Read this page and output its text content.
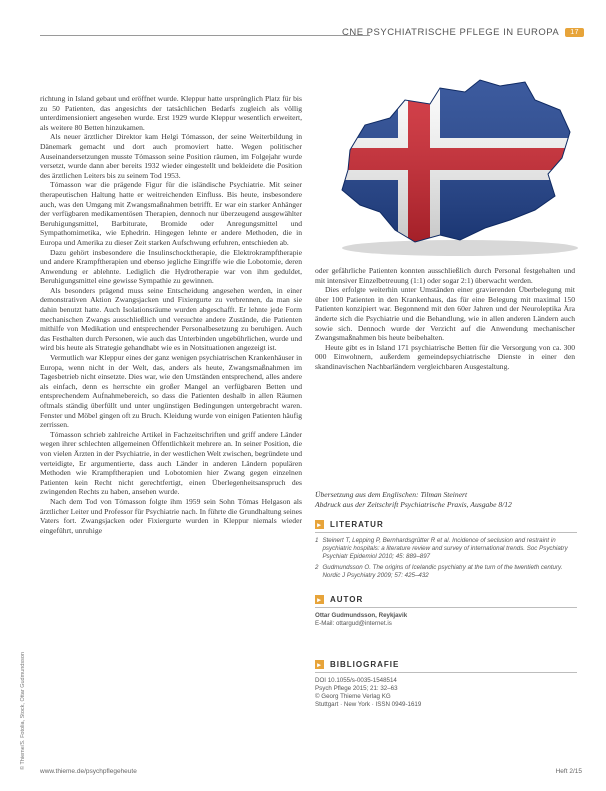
CNE PSYCHIATRISCHE PFLEGE IN EUROPA	17

richtung in Island gebaut und eröffnet wurde. Kleppur hatte ursprünglich Platz für bis zu 50 Patienten, das angesichts der tatsächlichen Bedarfs zugleich als völlig unterdimensioniert angesehen wurde. Erst 1929 wurde Kleppur wesentlich erweitert, als weitere 80 Betten hinzukamen.

Als neuer ärztlicher Direktor kam Helgi Tómasson, der seine Weiterbildung in Dänemark gemacht und dort auch promoviert hatte. Wegen politischer Auseinandersetzungen musste Tómasson seine Position räumen, im Folgejahr wurde versetzt, wurde dann aber bereits 1932 wieder eingestellt und bekleidete die Position des ärztlichen Leiters bis zu seinem Tod 1953.

Tómasson war die prägende Figur für die isländische Psychiatrie. Mit seiner therapeutischen Haltung hatte er weitreichenden Einfluss. Bis heute, insbesondere auch, was den Umgang mit Zwangsmaßnahmen betrifft. Er war ein starker Anhänger der verfügbaren medikamentösen Therapien, dennoch nur überzeugend ausgewählter Beruhigungsmittel, Barbiturate, Bromide oder Anregungsmittel und Sympathomimetika, wie Ephedrin. Hingegen lehnte er andere Methoden, die in Europa und Amerika zu dieser Zeit starken Aufschwung erfuhren, entschieden ab.

Dazu gehört insbesondere die Insulinschocktherapie, die Elektrokrampftherapie und andere Krampftherapien und ebenso jegliche Eingriffe wie die Lobotomie, deren Anwendung er ablehnte. Lediglich die Hydrotherapie war von ihm geduldet, Beruhigungsmittel eine gewisse Sympathie zu gewinnen.

Als besonders prägend muss seine Entscheidung angesehen werden, in einer demonstrativen Aktion Zwangsjacken und Fixiergurte zu verbrennen, da man sie dahin benutzt hatte. Auch Isolationsräume wurden abgeschafft. Er lehnte jede Form mechanischen Zwangs ausschließlich und versuchte andere Zustände, die Patienten mithilfe von Medikation und entsprechender Personalbesetzung zu beruhigen. Auch das Festhalten durch Personen, wie auch das Unterbinden ungebührlichen, wurde und wird bis heute als Strategie gehandhabt wie es in Notsituationen angezeigt ist.

Vermutlich war Kleppur eines der ganz wenigen psychiatrischen Krankenhäuser in Europa, wenn nicht in der Welt, das, anders als heute, Zwangsmaßnahmen im Tagesbetrieb nicht einsetzte. Dies war, wie den Umständen entsprechend, alles andere als einfach, denn es herrschte ein großer Mangel an verfügbaren Betten und entsprechendem Aufnahmebereich, so dass die Patienten deshalb in allen Räumen oftmals ständig überfüllt und unter ungünstigen Bedingungen untergebracht waren. Fenster und Möbel gingen oft zu Bruch. Kleidung wurde von einigen Patienten häufig zerrissen.

Tómasson schrieb zahlreiche Artikel in Fachzeitschriften und griff andere Länder wegen ihrer schlechten allgemeinen Öffentlichkeit mehrere an. In seiner Position, die von vielen Ärzten in der Psychiatrie, in der westlichen Welt zwischen, begründete und verteidigte, Er argumentierte, dass auch Länder in anderen Ländern populären Methoden wie Krampftherapien und Lobotomien hier Zwang gegen einzelnen Patienten kein Recht nicht gerechtfertigt, einen Überlegenheitsanspruch des zwingenden Rechts zu haben, ansehen wurde.

Nach dem Tod von Tómasson folgte ihm 1959 sein Sohn Tómas Helgason als ärztlicher Leiter und Professor für Psychiatrie nach. In führte die Grundhaltung seines Vaters fort. Zwangsjacken oder Fixiergurte wurden in Kleppur niemals wieder eingeführt, unruhige

oder gefährliche Patienten konnten ausschließlich durch Personal festgehalten und mit intensiver Einzelbetreuung (1:1) oder sogar 2:1) überwacht werden.

Dies erfolgte weiterhin unter Umständen einer gravierenden Überbelegung mit über 100 Patienten in den Krankenhaus, das für eine Belegung mit maximal 150 Patienten konzipiert war. Begonnend mit den 60er Jahren und der Neuroleptika Ära änderte sich die Psychiatrie und die Behandlung, wie in allen anderen Ländern auch sowie sich. Dennoch wurde der Verzicht auf die Anwendung mechanischer Zwangsmaßnahmen bis heute beibehalten.

Heute gibt es in Island 171 psychiatrische Betten für die Versorgung von ca. 300 000 Einwohnern, außerdem gemeindepsychiatrische Dienste in einer den skandinavischen Nachbarländern vergleichbaren Ausgestaltung.

Übersetzung aus dem Englischen: Tilman Steinert
Abdruck aus der Zeitschrift Psychiatrische Praxis, Ausgabe 8/12
▸ LITERATUR
1 Steinert T, Lepping P, Bernhardsgrütter R et al. Incidence of seclusion and restraint in psychiatric hospitals: a literature review and survey of international trends. Soc Psychiatry Psychiatr Epidemiol 2010; 45: 889–897
2 Gudmundsson O. The origins of Icelandic psychiatry at the turn of the twentieth century. Nordic J Psychiatry 2009; 57: 425–432
▸ AUTOR
Ottar Gudmundsson, Reykjavik
E-Mail: ottargud@internet.is
▸ BIBLIOGRAFIE
DOI 10.1055/s-0035-1548514
Psych Pflege 2015; 21: 32–63
© Georg Thieme Verlag KG
Stuttgart · New York · ISSN 0949-1619
© Thieme/S. Fotolia, Stock, Ottar Gudmundsson
www.thieme.de/psychpflegeheute	Heft 2/15
